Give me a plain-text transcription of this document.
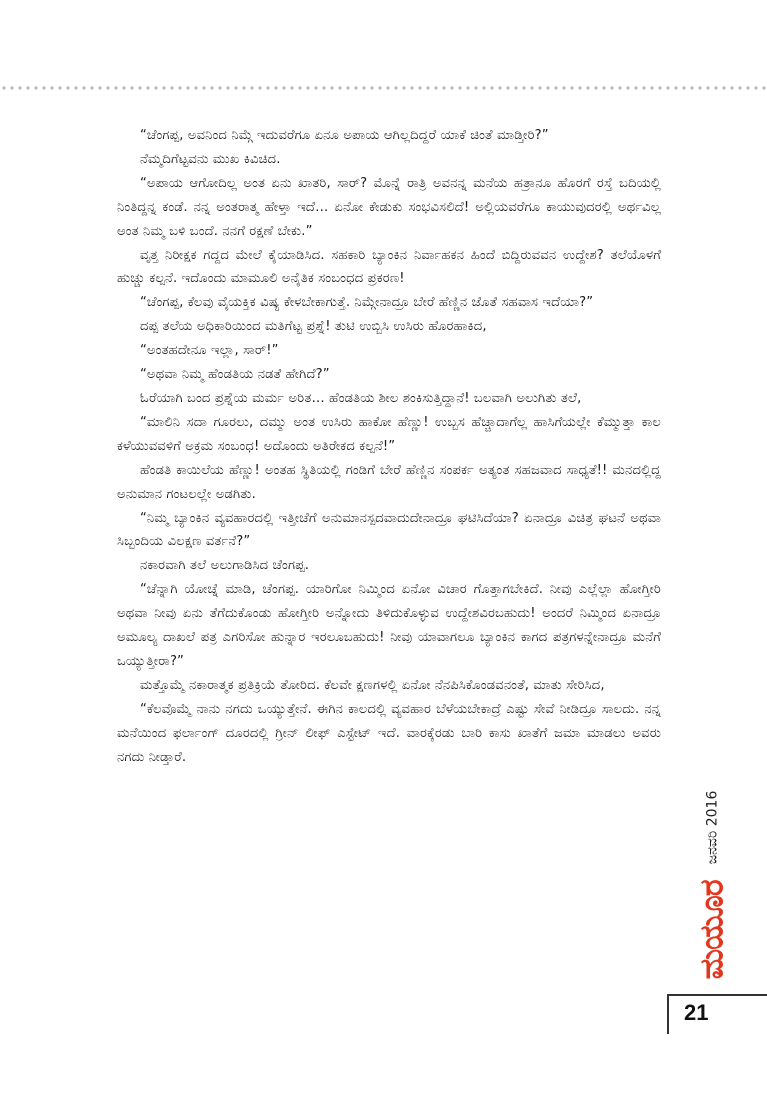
“ಚೆಂಗಪ್ಪ, ಅವನಿಂದ ನಿಮ್ಗೆ ಇದುವರೆಗೂ ಏನೂ ಅಪಾಯ ಆಗಿಲ್ಲದಿದ್ದರೆ ಯಾಕೆ ಚಿಂತೆ ಮಾಡ್ತೀರಿ?”

ನೆಮ್ಮದಿಗೆಟ್ಟವನು ಮುಖ ಕಿವಿಚಿದ.

“ಅಪಾಯ ಆಗೋದಿಲ್ಲ ಅಂತ ಏನು ಖಾತರಿ, ಸಾರ್? ಮೊನ್ನೆ ರಾತ್ರಿ ಅವನನ್ನ ಮನೆಯ ಹತ್ರಾನೂ ಹೊರಗೆ ರಸ್ತೆ ಬದಿಯಲ್ಲಿ ನಿಂತಿದ್ದನ್ನ ಕಂಡೆ. ನನ್ನ ಅಂತರಾತ್ಮ ಹೇಳ್ತಾ ಇದೆ… ಏನೋ ಕೇಡುಕು ಸಂಭವಿಸಲಿದೆ! ಅಲ್ಲಿಯವರೆಗೂ ಕಾಯುವುದರಲ್ಲಿ ಅರ್ಥವಿಲ್ಲ ಅಂತ ನಿಮ್ಮ ಬಳಿ ಬಂದೆ. ನನಗೆ ರಕ್ಷಣೆ ಬೇಕು.”

ವೃತ್ತ ನಿರೀಕ್ಷಕ ಗದ್ದದ ಮೇಲೆ ಕೈಯಾಡಿಸಿದ. ಸಹಕಾರಿ ಬ್ಯಾಂಕಿನ ನಿರ್ವಾಹಕನ ಹಿಂದೆ ಬಿದ್ದಿರುವವನ ಉದ್ದೇಶ? ತಲೆಯೊಳಗೆ ಹುಚ್ಚು ಕಲ್ಪನೆ. ಇದೊಂದು ಮಾಮೂಲಿ ಅನೈತಿಕ ಸಂಬಂಧದ ಪ್ರಕರಣ!

“ಚೆಂಗಪ್ಪ, ಕೆಲವು ವೈಯಕ್ತಿಕ ವಿಷ್ಯ ಕೇಳಬೇಕಾಗುತ್ತೆ. ನಿಮ್ಗೇನಾದ್ರೂ ಬೇರೆ ಹೆಣ್ಣಿನ ಜೊತೆ ಸಹವಾಸ ಇದೆಯಾ?”

ದಪ್ಪ ತಲೆಯ ಅಧಿಕಾರಿಯಿಂದ ಮತಿಗೆಟ್ಟ ಪ್ರಶ್ನೆ! ತುಟಿ ಉಬ್ಬಿಸಿ ಉಸಿರು ಹೊರಹಾಕಿದ,

“ಅಂತಹದೇನೂ ಇಲ್ಲಾ, ಸಾರ್!”

“ಅಥವಾ ನಿಮ್ಮ ಹೆಂಡತಿಯ ನಡತೆ ಹೇಗಿದೆ?”

ಓರೆಯಾಗಿ ಬಂದ ಪ್ರಶ್ನೆಯ ಮರ್ಮ ಅರಿತ… ಹೆಂಡತಿಯ ಶೀಲ ಶಂಕಿಸುತ್ತಿದ್ದಾನೆ! ಬಲವಾಗಿ ಅಲುಗಿತು ತಲೆ,

“ಮಾಲಿನಿ ಸದಾ ಗೂರಲು, ದಮ್ಮು ಅಂತ ಉಸಿರು ಹಾಕೋ ಹೆಣ್ಣು! ಉಬ್ಬಸ ಹೆಚ್ಚಾದಾಗೆಲ್ಲ ಹಾಸಿಗೆಯಲ್ಲೇ ಕೆಮ್ಮುತ್ತಾ ಕಾಲ ಕಳೆಯುವವಳಿಗೆ ಅಕ್ರಮ ಸಂಬಂಧ! ಅದೊಂದು ಅತಿರೇಕದ ಕಲ್ಪನೆ!”

ಹೆಂಡತಿ ಕಾಯಿಲೆಯ ಹೆಣ್ಣು! ಅಂತಹ ಸ್ಥಿತಿಯಲ್ಲಿ ಗಂಡಿಗೆ ಬೇರೆ ಹೆಣ್ಣಿನ ಸಂಪರ್ಕ ಅತ್ಯಂತ ಸಹಜವಾದ ಸಾಧ್ಯತೆ!! ಮನದಲ್ಲಿದ್ದ ಅನುಮಾನ ಗಂಟಲಲ್ಲೇ ಅಡಗಿತು.

“ನಿಮ್ಮ ಬ್ಯಾಂಕಿನ ವ್ಯವಹಾರದಲ್ಲಿ ಇತ್ತೀಚೆಗೆ ಅನುಮಾನಸ್ಪದವಾದುದೇನಾದ್ರೂ ಘಟಿಸಿದೆಯಾ? ಏನಾದ್ರೂ ವಿಚಿತ್ರ ಘಟನೆ ಅಥವಾ ಸಿಬ್ಬಂದಿಯ ವಿಲಕ್ಷಣ ವರ್ತನೆ?”

ನಕಾರವಾಗಿ ತಲೆ ಅಲುಗಾಡಿಸಿದ ಚೆಂಗಪ್ಪ.

“ಚೆನ್ನಾಗಿ ಯೋಚ್ನೆ ಮಾಡಿ, ಚೆಂಗಪ್ಪ. ಯಾರಿಗೋ ನಿಮ್ಮಿಂದ ಏನೋ ವಿಚಾರ ಗೊತ್ತಾಗಬೇಕಿದೆ. ನೀವು ಎಲ್ಲೆಲ್ಲಾ ಹೋಗ್ತೀರಿ ಅಥವಾ ನೀವು ಏನು ತೆಗೆದುಕೊಂಡು ಹೋಗ್ತೀರಿ ಅನ್ನೋದು ತಿಳಿದುಕೊಳ್ಳುವ ಉದ್ದೇಶವಿರಬಹುದು! ಅಂದರೆ ನಿಮ್ಮಿಂದ ಏನಾದ್ರೂ ಅಮೂಲ್ಯ ದಾಖಲೆ ಪತ್ರ ಎಗರಿಸೋ ಹುನ್ನಾರ ಇರಲೂಬಹುದು! ನೀವು ಯಾವಾಗಲೂ ಬ್ಯಾಂಕಿನ ಕಾಗದ ಪತ್ರಗಳನ್ನೇನಾದ್ರೂ ಮನೆಗೆ ಒಯ್ಯುತ್ತೀರಾ?”

ಮತ್ತೊಮ್ಮೆ ನಕಾರಾತ್ಮಕ ಪ್ರತಿಕ್ರಿಯೆ ತೋರಿದ. ಕೆಲವೇ ಕ್ಷಣಗಳಲ್ಲಿ ಏನೋ ನೆನಪಿಸಿಕೊಂಡವನಂತೆ, ಮಾತು ಸೇರಿಸಿದ,

“ಕೆಲವೊಮ್ಮೆ ನಾನು ನಗದು ಒಯ್ಯುತ್ತೇನೆ. ಈಗಿನ ಕಾಲದಲ್ಲಿ ವ್ಯವಹಾರ ಬೆಳೆಯಬೇಕಾದ್ರೆ ಎಷ್ಟು ಸೇವೆ ನೀಡಿದ್ರೂ ಸಾಲದು. ನನ್ನ ಮನೆಯಿಂದ ಫರ್ಲಾಂಗ್ ದೂರದಲ್ಲಿ ಗ್ರೀನ್ ಲೀಫ್ ಎಸ್ಟೇಟ್ ಇದೆ. ವಾರಕ್ಕೆರಡು ಬಾರಿ ಕಾಸು ಖಾತೆಗೆ ಜಮಾ ಮಾಡಲು ಅವರು ನಗದು ನೀಡ್ತಾರೆ.

ಮಯೂರ
ಜನವರಿ 2016
21
